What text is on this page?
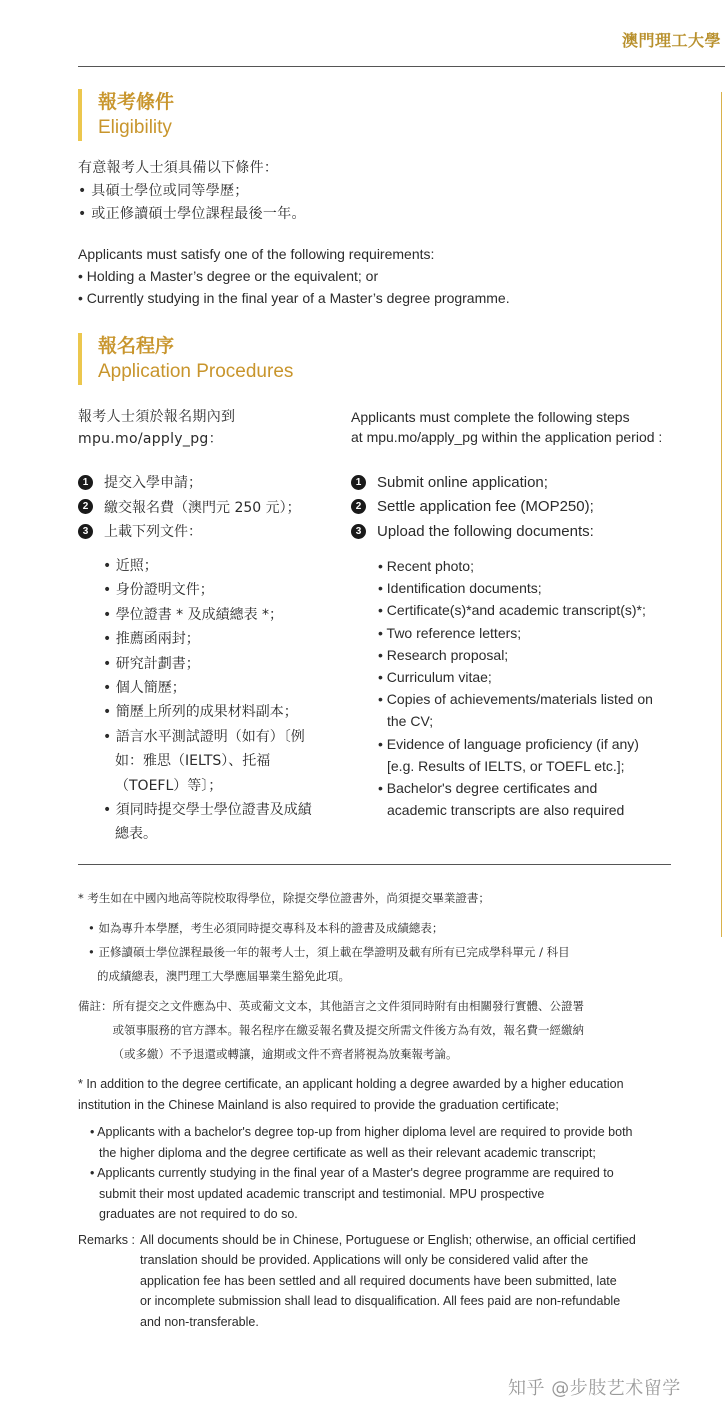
澳門理工大學
報考條件
Eligibility
有意報考人士須具備以下條件：
• 具碩士學位或同等學歷；
• 或正修讀碩士學位課程最後一年。
Applicants must satisfy one of the following requirements:
• Holding a Master’s degree or the equivalent; or
• Currently studying in the final year of a Master’s degree programme.
報名程序
Application Procedures
報考人士須於報名期內到
mpu.mo/apply_pg：
Applicants must complete the following steps
at mpu.mo/apply_pg within the application period :
1	提交入學申請；
2	繳交報名費（澳門元 250 元）；
3	上載下列文件：
1	Submit online application;
2	Settle application fee (MOP250);
3	Upload the following documents:
• 近照；
• 身份證明文件；
• 學位證書 * 及成績總表 *；
• 推薦函兩封；
• 研究計劃書；
• 個人簡歷；
• 簡歷上所列的成果材料副本；
• 語言水平測試證明（如有）〔例如：雅思（IELTS）、托福（TOEFL）等〕；
• 須同時提交學士學位證書及成績總表。
• Recent photo;
• Identification documents;
• Certificate(s)*and academic transcript(s)*;
• Two reference letters;
• Research proposal;
• Curriculum vitae;
• Copies of achievements/materials listed on the CV;
• Evidence of language proficiency (if any) [e.g. Results of IELTS, or TOEFL etc.];
• Bachelor's degree certificates and academic transcripts are also required
* 考生如在中國內地高等院校取得學位，除提交學位證書外，尚須提交畢業證書；
• 如為專升本學歷，考生必須同時提交專科及本科的證書及成績總表；
• 正修讀碩士學位課程最後一年的報考人士，須上載在學證明及載有所有已完成學科單元 / 科目
的成績總表，澳門理工大學應屆畢業生豁免此項。
備註： 所有提交之文件應為中、英或葡文文本，其他語言之文件須同時附有由相關發行實體、公證署
或領事服務的官方譯本。報名程序在繳妥報名費及提交所需文件後方為有效，報名費一經繳納
（或多繳）不予退還或轉讓，逾期或文件不齊者將視為放棄報考論。
* In addition to the degree certificate, an applicant holding a degree awarded by a higher education
institution in the Chinese Mainland is also required to provide the graduation certificate;
• Applicants with a bachelor's degree top-up from higher diploma level are required to provide both
the higher diploma and the degree certificate as well as their relevant academic transcript;
• Applicants currently studying in the final year of a Master's degree programme are required to
submit their most updated academic transcript and testimonial. MPU prospective
graduates are not required to do so.
Remarks : All documents should be in Chinese, Portuguese or English; otherwise, an official certified
translation should be provided. Applications will only be considered valid after the
application fee has been settled and all required documents have been submitted, late
or incomplete submission shall lead to disqualification. All fees paid are non-refundable
and non-transferable.
知乎 @步肢艺术留学
